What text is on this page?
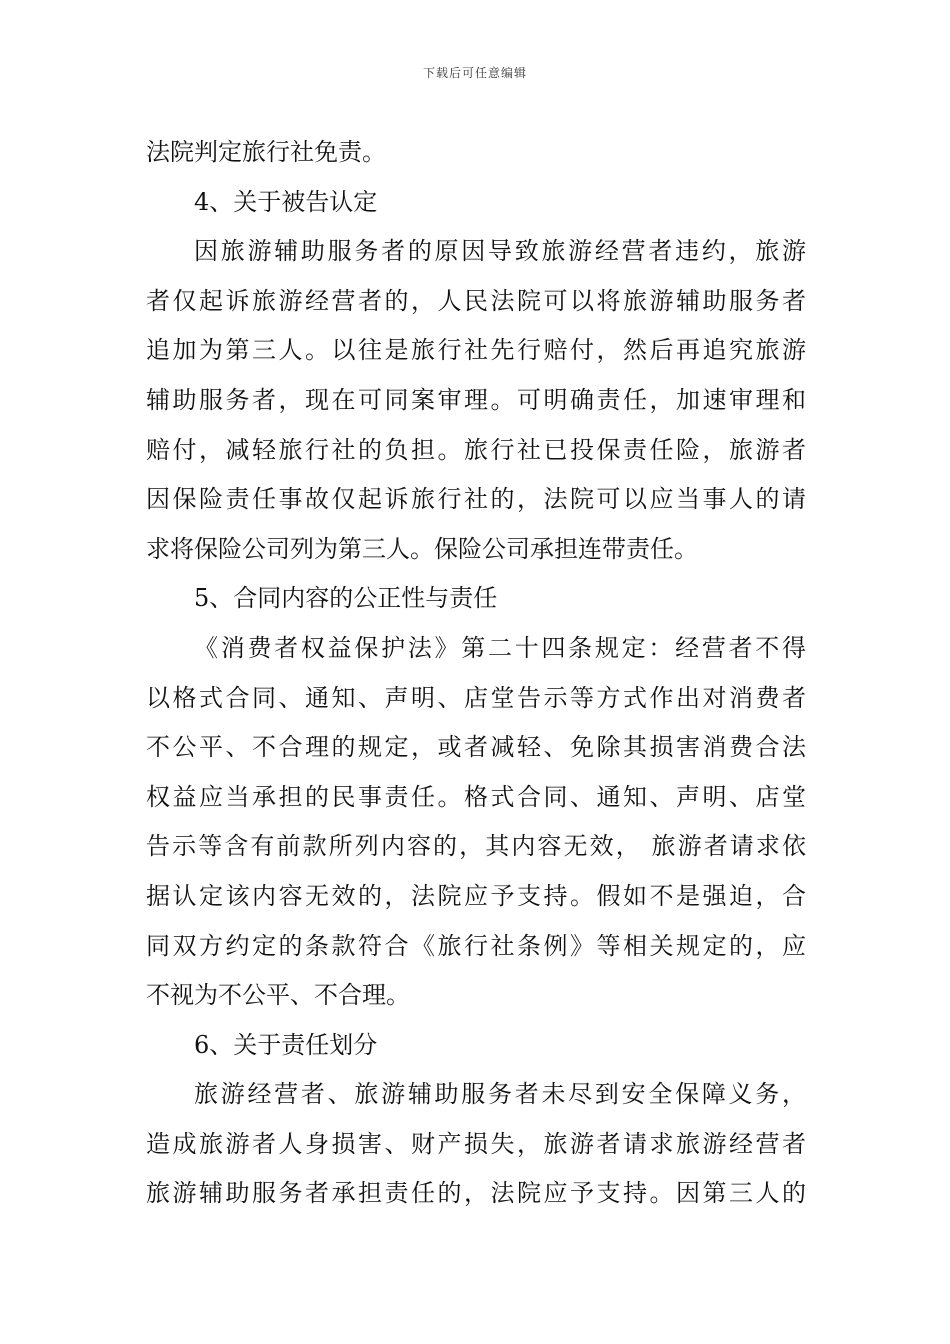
下载后可任意编辑
法院判定旅行社免责。
4、关于被告认定
因旅游辅助服务者的原因导致旅游经营者违约，旅游
者仅起诉旅游经营者的，人民法院可以将旅游辅助服务者
追加为第三人。以往是旅行社先行赔付，然后再追究旅游
辅助服务者，现在可同案审理。可明确责任，加速审理和
赔付，减轻旅行社的负担。旅行社已投保责任险，旅游者
因保险责任事故仅起诉旅行社的，法院可以应当事人的请
求将保险公司列为第三人。保险公司承担连带责任。
5、合同内容的公正性与责任
《消费者权益保护法》第二十四条规定：经营者不得
以格式合同、通知、声明、店堂告示等方式作出对消费者
不公平、不合理的规定，或者减轻、免除其损害消费合法
权益应当承担的民事责任。格式合同、通知、声明、店堂
告示等含有前款所列内容的，其内容无效， 旅游者请求依
据认定该内容无效的，法院应予支持。假如不是强迫，合
同双方约定的条款符合《旅行社条例》等相关规定的，应
不视为不公平、不合理。
6、关于责任划分
旅游经营者、旅游辅助服务者未尽到安全保障义务，
造成旅游者人身损害、财产损失，旅游者请求旅游经营者
旅游辅助服务者承担责任的，法院应予支持。因第三人的
